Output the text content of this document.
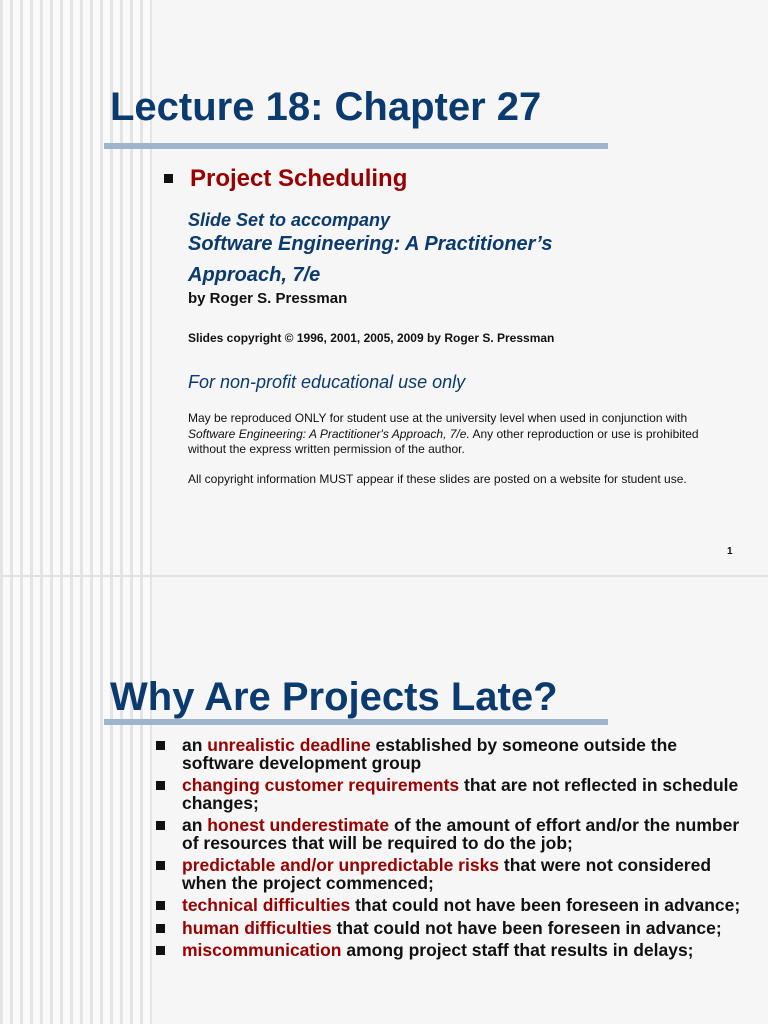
Lecture 18: Chapter 27
Project Scheduling
Slide Set to accompany
Software Engineering: A Practitioner’s
Approach, 7/e
by Roger S. Pressman
Slides copyright © 1996, 2001, 2005, 2009 by Roger S. Pressman
For non-profit educational use only

May be reproduced ONLY for student use at the university level when used in conjunction with Software Engineering: A Practitioner's Approach, 7/e. Any other reproduction or use is prohibited without the express written permission of the author.

All copyright information MUST appear if these slides are posted on a website for student use.

1
Why Are Projects Late?
an unrealistic deadline established by someone outside the software development group
changing customer requirements that are not reflected in schedule changes;
an honest underestimate of the amount of effort and/or the number of resources that will be required to do the job;
predictable and/or unpredictable risks that were not considered when the project commenced;
technical difficulties that could not have been foreseen in advance;
human difficulties that could not have been foreseen in advance;
miscommunication among project staff that results in delays;
